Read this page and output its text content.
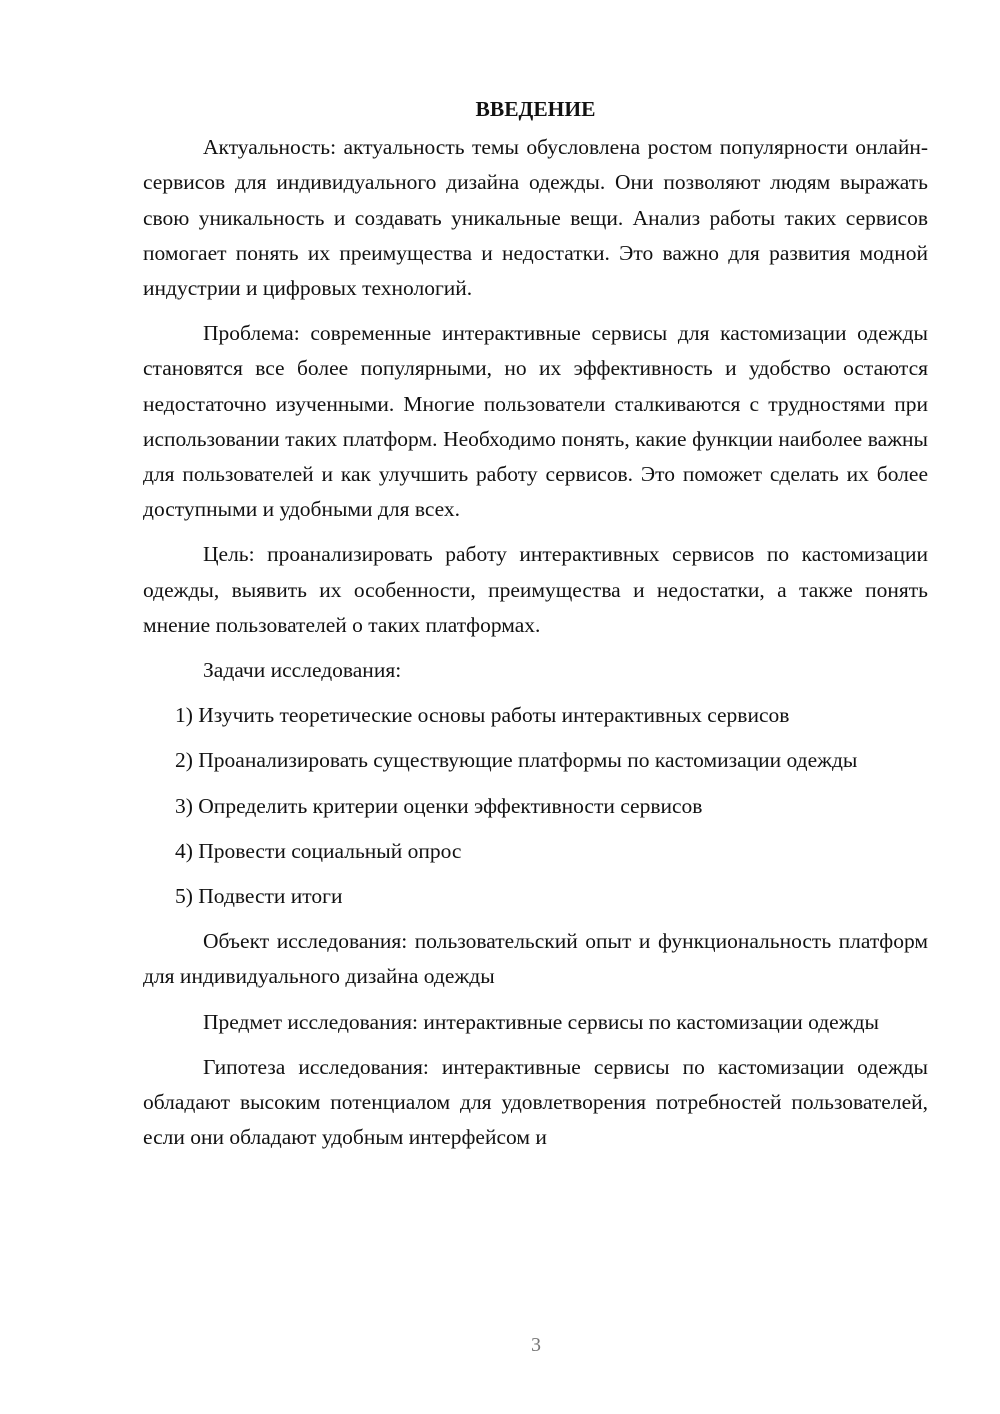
ВВЕДЕНИЕ

Актуальность: актуальность темы обусловлена ростом популярности онлайн-сервисов для индивидуального дизайна одежды. Они позволяют людям выражать свою уникальность и создавать уникальные вещи. Анализ работы таких сервисов помогает понять их преимущества и недостатки. Это важно для развития модной индустрии и цифровых технологий.

Проблема: современные интерактивные сервисы для кастомизации одежды становятся все более популярными, но их эффективность и удобство остаются недостаточно изученными. Многие пользователи сталкиваются с трудностями при использовании таких платформ. Необходимо понять, какие функции наиболее важны для пользователей и как улучшить работу сервисов. Это поможет сделать их более доступными и удобными для всех.

Цель: проанализировать работу интерактивных сервисов по кастомизации одежды, выявить их особенности, преимущества и недостатки, а также понять мнение пользователей о таких платформах.

Задачи исследования:

1) Изучить теоретические основы работы интерактивных сервисов

2) Проанализировать существующие платформы по кастомизации одежды

3) Определить критерии оценки эффективности сервисов

4) Провести социальный опрос

5) Подвести итоги

Объект исследования: пользовательский опыт и функциональность платформ для индивидуального дизайна одежды

Предмет исследования: интерактивные сервисы по кастомизации одежды

Гипотеза исследования: интерактивные сервисы по кастомизации одежды обладают высоким потенциалом для удовлетворения потребностей пользователей, если они обладают удобным интерфейсом и

3
